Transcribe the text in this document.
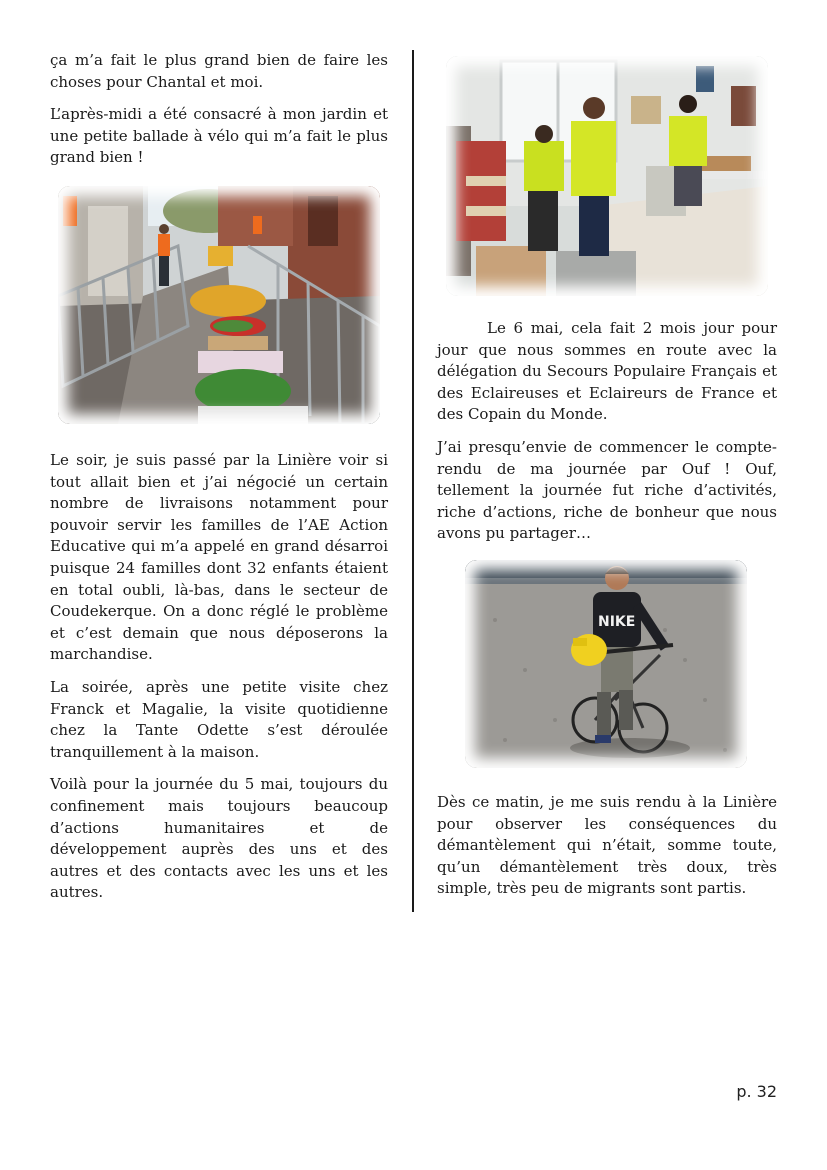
ça m’a fait le plus grand bien de faire les choses pour Chantal et moi.

L’après-midi a été consacré à mon jardin et une petite ballade à vélo qui m’a fait le plus grand bien !

Le soir, je suis passé par la Linière voir si tout allait bien et j’ai négocié un certain nombre de livraisons notamment pour pouvoir servir les familles de l’AE Action Educative qui m’a appelé en grand désarroi puisque 24 familles dont 32 enfants étaient en total oubli, là-bas, dans le secteur de Coudekerque. On a donc réglé le problème et c’est demain que nous déposerons la marchandise.

La soirée, après une petite visite chez Franck et Magalie, la visite quotidienne chez la Tante Odette s’est déroulée tranquillement à la maison.

Voilà pour la journée du 5 mai, toujours du confinement mais toujours beaucoup d’actions humanitaires et de développement auprès des uns et des autres et des contacts avec les uns et les autres.

Le 6 mai, cela fait 2 mois jour pour jour que nous sommes en route avec la délégation du Secours Populaire Français et des Eclaireuses et Eclaireurs de France et des Copain du Monde.

J’ai presqu’envie de commencer le compte-rendu de ma journée par Ouf ! Ouf, tellement la journée fut riche d’activités, riche d’actions, riche de bonheur que nous avons pu partager…

NIKE

Dès ce matin, je me suis rendu à la Linière pour observer les conséquences du démantèlement qui n’était, somme toute, qu’un démantèlement très doux, très simple, très peu de migrants sont partis.

p. 32
